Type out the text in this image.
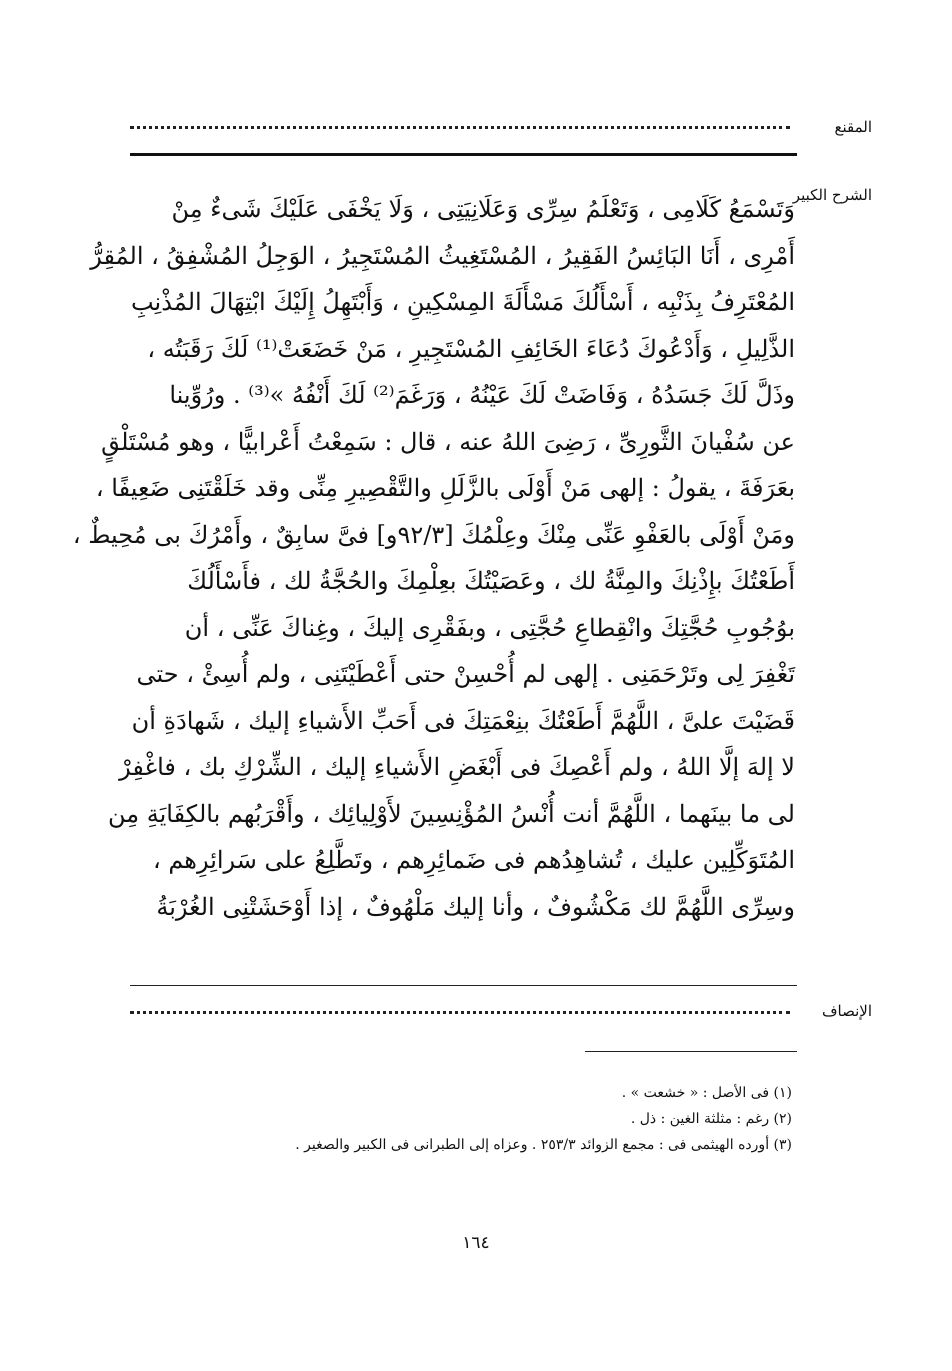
المقنع
الشرح الكبير
وَتَسْمَعُ كَلَامِى ، وَتَعْلَمُ سِرِّى وَعَلَانِيَتِى ، وَلَا يَخْفَى عَلَيْكَ شَىءٌ مِنْ
أَمْرِى ، أَنَا البَائِسُ الفَقِيرُ ، المُسْتَغِيثُ المُسْتَجِيرُ ، الوَجِلُ المُشْفِقُ ، المُقِرُّ
المُعْتَرِفُ بِذَنْبِه ، أَسْأَلُكَ مَسْأَلَةَ المِسْكِينِ ، وَأَبْتَهِلُ إِلَيْكَ ابْتِهَالَ المُذْنِبِ
الذَّلِيلِ ، وَأَدْعُوكَ دُعَاءَ الخَائِفِ المُسْتَجِيرِ ، مَنْ خَضَعَتْ⁽¹⁾ لَكَ رَقَبَتُه ،
وذَلَّ لَكَ جَسَدُهُ ، وَفَاضَتْ لَكَ عَيْنُهُ ، وَرَغَمَ⁽²⁾ لَكَ أَنْفُهُ »⁽³⁾ . ورُوِّينا
عن سُفْيانَ الثَّورِىِّ ، رَضِىَ اللهُ عنه ، قال : سَمِعْتُ أَعْرابيًّا ، وهو مُسْتَلْقٍ
بعَرَفَةَ ، يقولُ : إلهى مَنْ أَوْلَى بالزَّلَلِ والتَّقْصِيرِ مِنِّى وقد خَلَقْتَنِى ضَعِيفًا ،
ومَنْ أَوْلَى بالعَفْوِ عَنِّى مِنْكَ وعِلْمُكَ [٩٢/٣و] فىَّ سابِقٌ ، وأَمْرُكَ بى مُحِيطٌ ،
أَطَعْتُكَ بإِذْنِكَ والمِنَّةُ لك ، وعَصَيْتُكَ بعِلْمِكَ والحُجَّةُ لك ، فأَسْأَلُكَ
بوُجُوبِ حُجَّتِكَ وانْقِطاعِ حُجَّتِى ، وبفَقْرِى إليكَ ، وغِناكَ عَنِّى ، أن
تَغْفِرَ لِى وتَرْحَمَنِى . إلهى لم أُحْسِنْ حتى أَعْطَيْتَنِى ، ولم أُسِئْ ، حتى
قَضَيْتَ علىَّ ، اللَّهُمَّ أَطَعْتُكَ بنِعْمَتِكَ فى أَحَبِّ الأَشياءِ إليك ، شَهادَةِ أن
لا إلهَ إلَّا اللهُ ، ولم أَعْصِكَ فى أَبْغَضِ الأَشياءِ إليك ، الشِّرْكِ بك ، فاغْفِرْ
لى ما بينَهما ، اللَّهُمَّ أنت أُنْسُ المُؤْنِسِينَ لأَوْلِيائِك ، وأَقْرَبُهم بالكِفَايَةِ مِن
المُتَوَكِّلِين عليك ، تُشاهِدُهم فى ضَمائِرِهم ، وتَطَّلِعُ على سَرائِرِهم ،
وسِرِّى اللَّهُمَّ لك مَكْشُوفٌ ، وأنا إليك مَلْهُوفٌ ، إذا أَوْحَشَتْنِى الغُرْبَةُ
الإنصاف
(١) فى الأصل : « خشعت » .
(٢) رغم : مثلثة الغين : ذل .
(٣) أورده الهيثمى فى : مجمع الزوائد ٢٥٣/٣ . وعزاه إلى الطبرانى فى الكبير والصغير .
١٦٤
